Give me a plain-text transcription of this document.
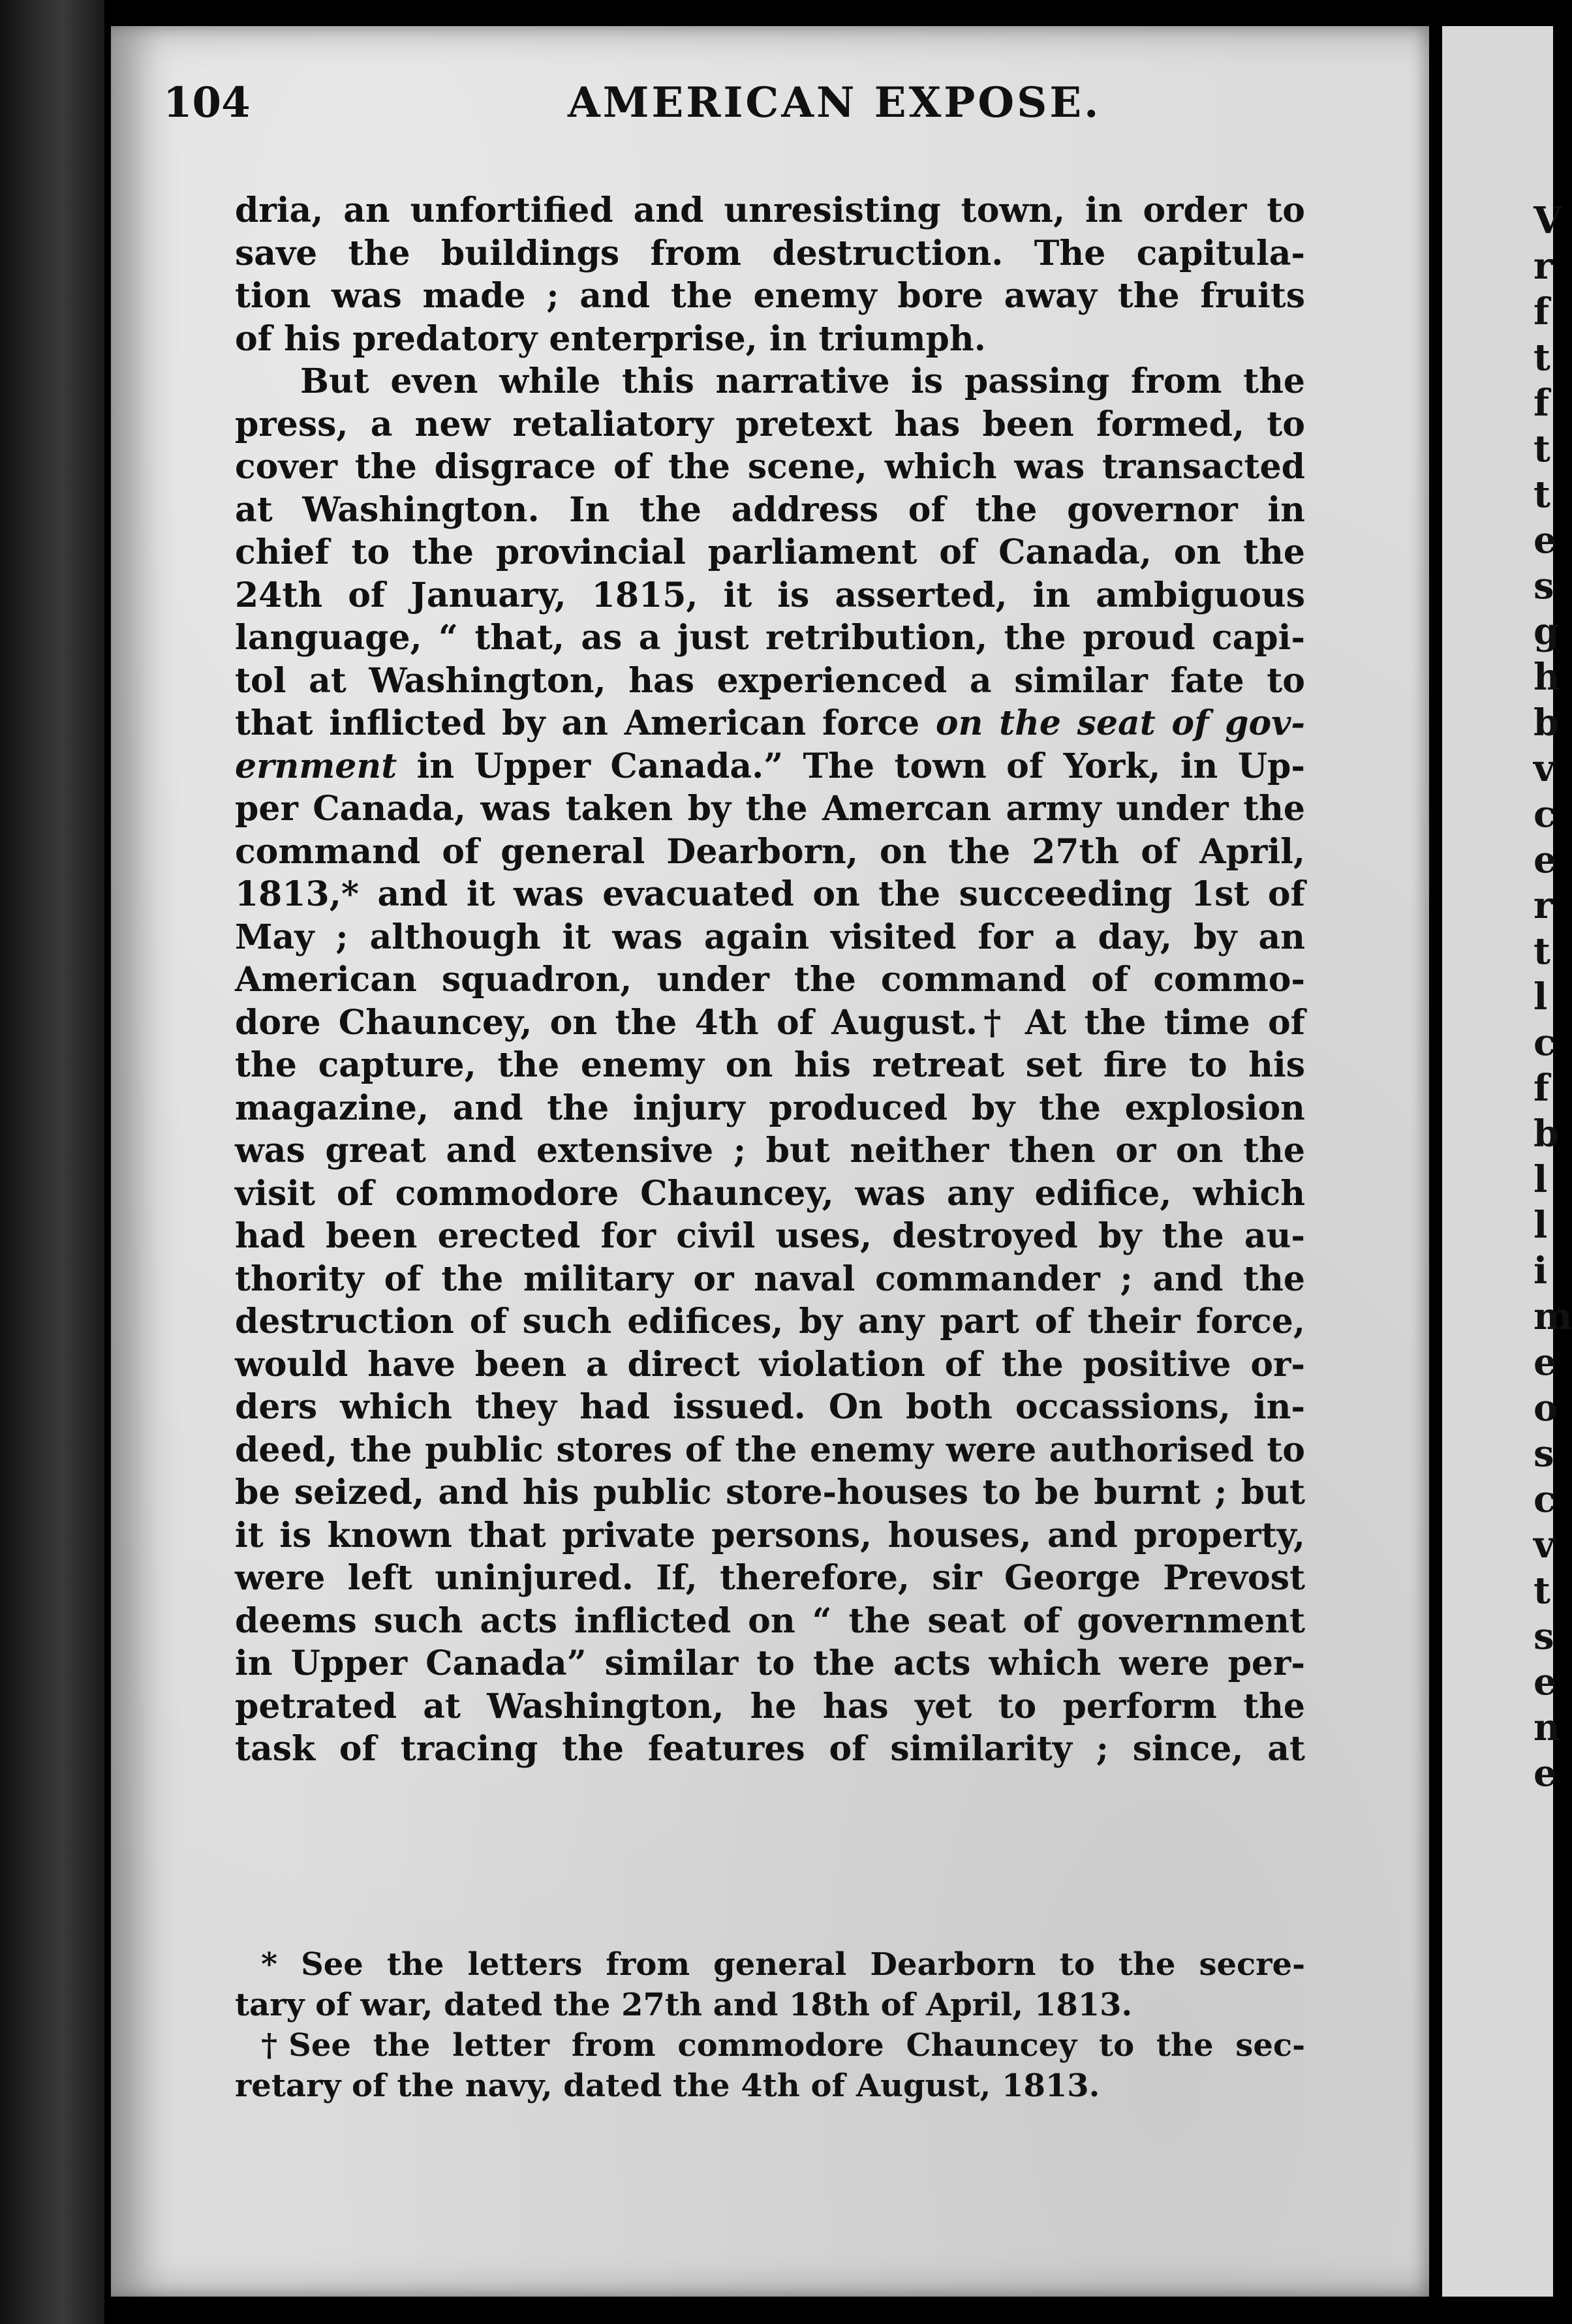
V
r
f
t
f
t
t
e
s
g
h
b
v
c
e
r
t
l
c
f
b
l
l
i
m
e
o
s
c
v
t
s
e
n
e
104	AMERICAN EXPOSE.
dria, an unfortified and unresisting town, in order to
save the buildings from destruction. The capitula-
tion was made ; and the enemy bore away the fruits
of his predatory enterprise, in triumph.
But even while this narrative is passing from the
press, a new retaliatory pretext has been formed, to
cover the disgrace of the scene, which was transacted
at Washington. In the address of the governor in
chief to the provincial parliament of Canada, on the
24th of January, 1815, it is asserted, in ambiguous
language, “ that, as a just retribution, the proud capi-
tol at Washington, has experienced a similar fate to
that inflicted by an American force on the seat of gov-
ernment in Upper Canada.” The town of York, in Up-
per Canada, was taken by the Amercan army under the
command of general Dearborn, on the 27th of April,
1813,* and it was evacuated on the succeeding 1st of
May ; although it was again visited for a day, by an
American squadron, under the command of commo-
dore Chauncey, on the 4th of August.† At the time of
the capture, the enemy on his retreat set fire to his
magazine, and the injury produced by the explosion
was great and extensive ; but neither then or on the
visit of commodore Chauncey, was any edifice, which
had been erected for civil uses, destroyed by the au-
thority of the military or naval commander ; and the
destruction of such edifices, by any part of their force,
would have been a direct violation of the positive or-
ders which they had issued. On both occassions, in-
deed, the public stores of the enemy were authorised to
be seized, and his public store-houses to be burnt ; but
it is known that private persons, houses, and property,
were left uninjured. If, therefore, sir George Prevost
deems such acts inflicted on “ the seat of government
in Upper Canada” similar to the acts which were per-
petrated at Washington, he has yet to perform the
task of tracing the features of similarity ; since, at
* See the letters from general Dearborn to the secre-
tary of war, dated the 27th and 18th of April, 1813.
†See the letter from commodore Chauncey to the sec-
retary of the navy, dated the 4th of August, 1813.
